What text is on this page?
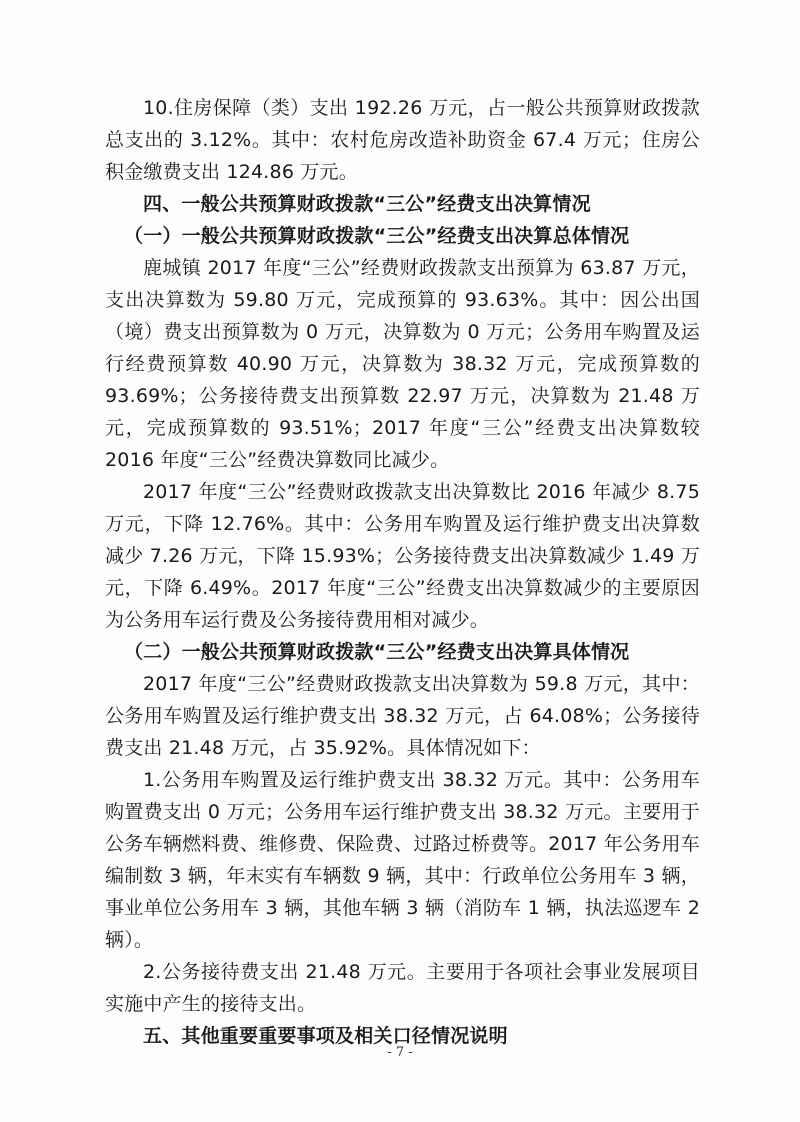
10.住房保障（类）支出 192.26 万元，占一般公共预算财政拨款总支出的 3.12%。其中：农村危房改造补助资金 67.4 万元；住房公积金缴费支出 124.86 万元。

四、一般公共预算财政拨款“三公”经费支出决算情况

（一）一般公共预算财政拨款“三公”经费支出决算总体情况

鹿城镇 2017 年度“三公”经费财政拨款支出预算为 63.87 万元，支出决算数为 59.80 万元，完成预算的 93.63%。其中：因公出国（境）费支出预算数为 0 万元，决算数为 0 万元；公务用车购置及运行经费预算数 40.90 万元，决算数为 38.32 万元，完成预算数的 93.69%；公务接待费支出预算数 22.97 万元，决算数为 21.48 万元，完成预算数的 93.51%；2017 年度“三公”经费支出决算数较 2016 年度“三公”经费决算数同比减少。

2017 年度“三公”经费财政拨款支出决算数比 2016 年减少 8.75 万元，下降 12.76%。其中：公务用车购置及运行维护费支出决算数减少 7.26 万元，下降 15.93%；公务接待费支出决算数减少 1.49 万元，下降 6.49%。2017 年度“三公”经费支出决算数减少的主要原因为公务用车运行费及公务接待费用相对减少。

（二）一般公共预算财政拨款“三公”经费支出决算具体情况

2017 年度“三公”经费财政拨款支出决算数为 59.8 万元，其中：公务用车购置及运行维护费支出 38.32 万元，占 64.08%；公务接待费支出 21.48 万元，占 35.92%。具体情况如下：

1.公务用车购置及运行维护费支出 38.32 万元。其中：公务用车购置费支出 0 万元；公务用车运行维护费支出 38.32 万元。主要用于公务车辆燃料费、维修费、保险费、过路过桥费等。2017 年公务用车编制数 3 辆，年末实有车辆数 9 辆，其中：行政单位公务用车 3 辆，事业单位公务用车 3 辆，其他车辆 3 辆（消防车 1 辆，执法巡逻车 2 辆）。

2.公务接待费支出 21.48 万元。主要用于各项社会事业发展项目实施中产生的接待支出。

五、其他重要重要事项及相关口径情况说明

- 7 -
